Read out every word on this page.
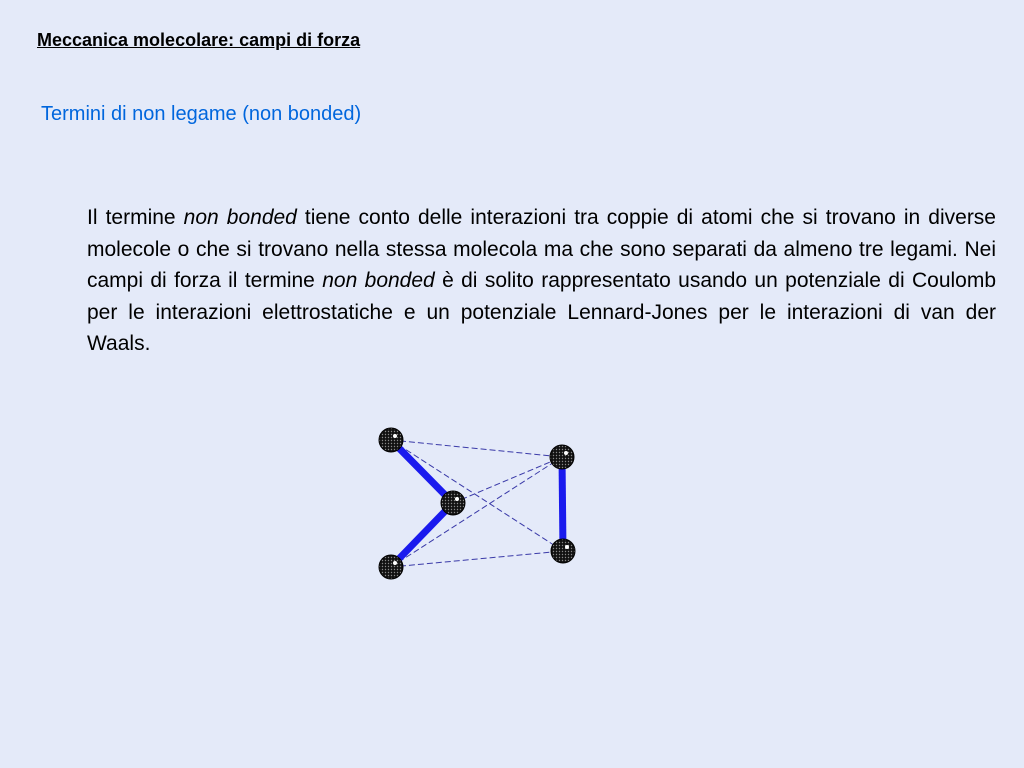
Meccanica molecolare: campi di forza
Termini di non legame (non bonded)
Il termine non bonded tiene conto delle interazioni tra coppie di atomi che si trovano in diverse molecole o che si trovano nella stessa molecola ma che sono separati da almeno tre legami. Nei campi di forza il termine non bonded è di solito rappresentato usando un potenziale di Coulomb per le interazioni elettrostatiche e un potenziale Lennard-Jones per le interazioni di van der Waals.
